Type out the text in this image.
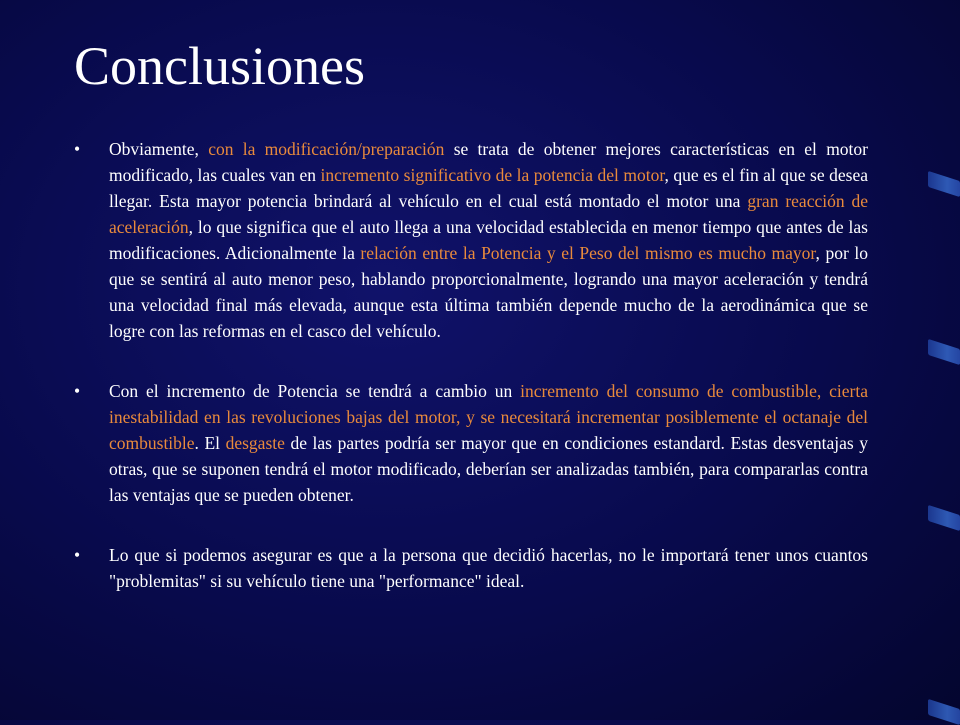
Conclusiones
• Obviamente, con la modificación/preparación se trata de obtener mejores características en el motor modificado, las cuales van en incremento significativo de la potencia del motor, que es el fin al que se desea llegar. Esta mayor potencia brindará al vehículo en el cual está montado el motor una gran reacción de aceleración, lo que significa que el auto llega a una velocidad establecida en menor tiempo que antes de las modificaciones. Adicionalmente la relación entre la Potencia y el Peso del mismo es mucho mayor, por lo que se sentirá al auto menor peso, hablando proporcionalmente, logrando una mayor aceleración y tendrá una velocidad final más elevada, aunque esta última también depende mucho de la aerodinámica que se logre con las reformas en el casco del vehículo.
• Con el incremento de Potencia se tendrá a cambio un incremento del consumo de combustible, cierta inestabilidad en las revoluciones bajas del motor, y se necesitará incrementar posiblemente el octanaje del combustible. El desgaste de las partes podría ser mayor que en condiciones estandard. Estas desventajas y otras, que se suponen tendrá el motor modificado, deberían ser analizadas también, para compararlas contra las ventajas que se pueden obtener.
• Lo que si podemos asegurar es que a la persona que decidió hacerlas, no le importará tener unos cuantos "problemitas" si su vehículo tiene una "performance" ideal.
